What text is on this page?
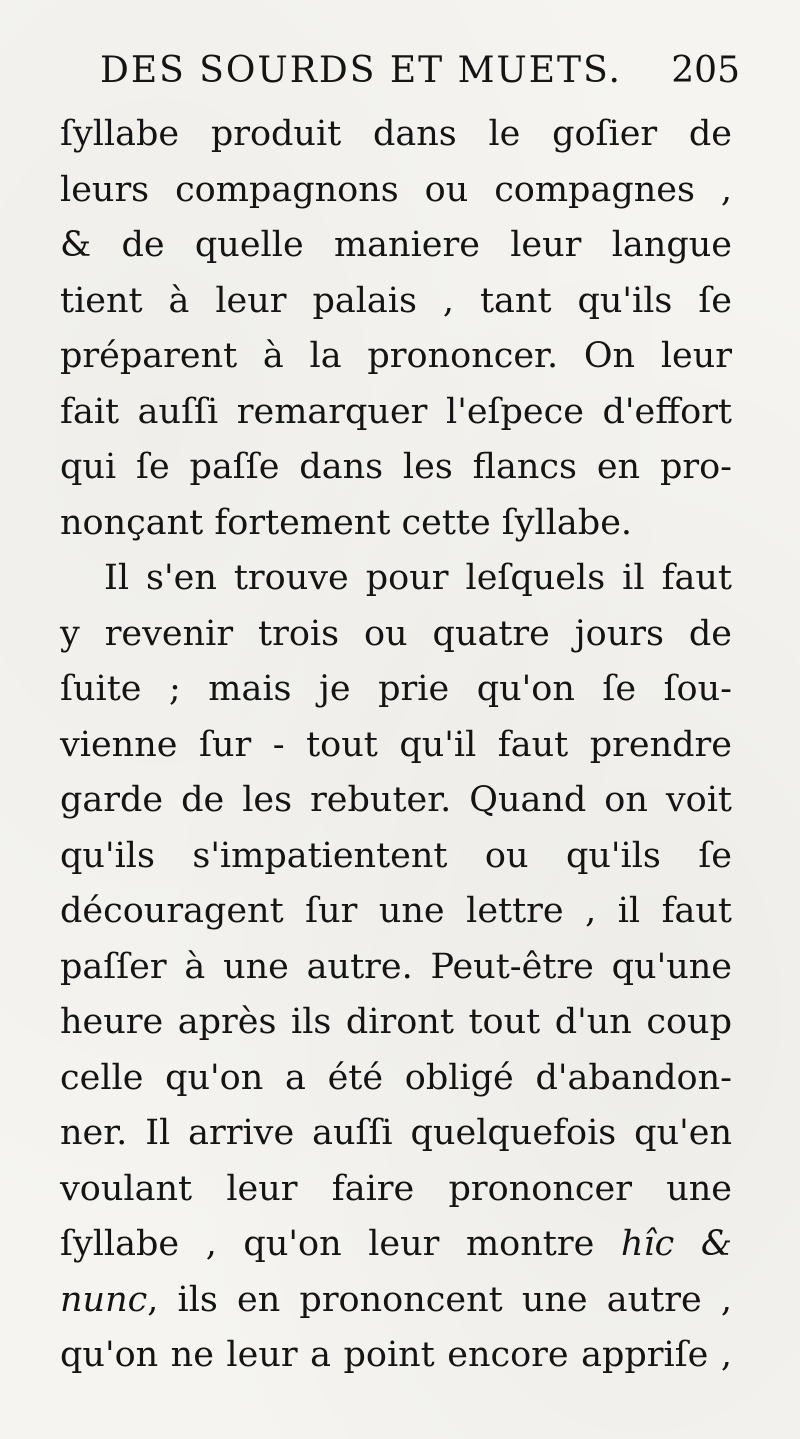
DES SOURDS ET MUETS. 205
ſyllabe produit dans le goſier de
leurs compagnons ou compagnes ,
& de quelle maniere leur langue
tient à leur palais , tant qu'ils ſe
préparent à la prononcer. On leur
fait auſſi remarquer l'eſpece d'effort
qui ſe paſſe dans les flancs en pro-
nonçant fortement cette ſyllabe.
Il s'en trouve pour leſquels il faut
y revenir trois ou quatre jours de
ſuite ; mais je prie qu'on ſe ſou-
vienne ſur - tout qu'il faut prendre
garde de les rebuter. Quand on voit
qu'ils s'impatientent ou qu'ils ſe
découragent ſur une lettre , il faut
paſſer à une autre. Peut-être qu'une
heure après ils diront tout d'un coup
celle qu'on a été obligé d'abandon-
ner. Il arrive auſſi quelquefois qu'en
voulant leur faire prononcer une
ſyllabe , qu'on leur montre hîc &
nunc, ils en prononcent une autre ,
qu'on ne leur a point encore appriſe ,
